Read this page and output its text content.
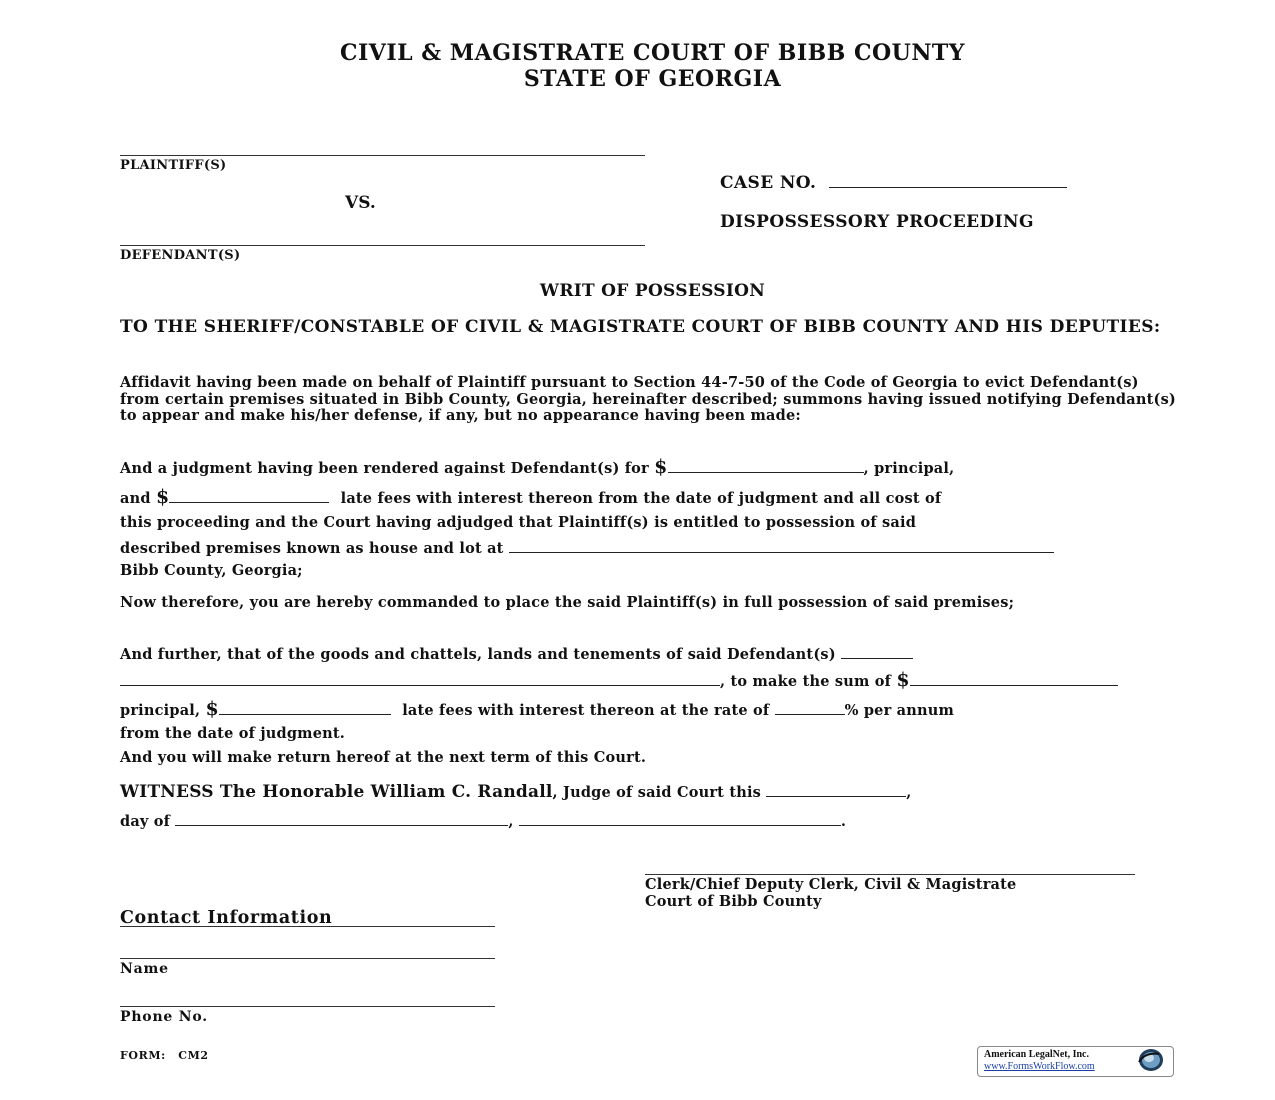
CIVIL & MAGISTRATE COURT OF BIBB COUNTY
STATE OF GEORGIA
PLAINTIFF(S)
VS.
DEFENDANT(S)
CASE NO.
DISPOSSESSORY PROCEEDING
WRIT OF POSSESSION
TO THE SHERIFF/CONSTABLE OF CIVIL & MAGISTRATE COURT OF BIBB COUNTY AND HIS DEPUTIES:
Affidavit having been made on behalf of Plaintiff pursuant to Section 44-7-50 of the Code of Georgia to evict Defendant(s) from certain premises situated in Bibb County, Georgia, hereinafter described; summons having issued notifying Defendant(s) to appear and make his/her defense, if any, but no appearance having been made:
And a judgment having been rendered against Defendant(s) for $	, principal,
and $	late fees with interest thereon from the date of judgment and all cost of
this proceeding and the Court having adjudged that Plaintiff(s) is entitled to possession of said
described premises known as house and lot at
Bibb County, Georgia;
Now therefore, you are hereby commanded to place the said Plaintiff(s) in full possession of said premises;
And further, that of the goods and chattels, lands and tenements of said Defendant(s)
, to make the sum of $
principal, $	late fees with interest thereon at the rate of	% per annum
from the date of judgment.
And you will make return hereof at the next term of this Court.
WITNESS The Honorable William C. Randall, Judge of said Court this	,
day of	,	.
Clerk/Chief Deputy Clerk, Civil & Magistrate
Court of Bibb County
Contact Information
Name
Phone No.
FORM: CM2	American LegalNet, Inc.
www.FormsWorkFlow.com
